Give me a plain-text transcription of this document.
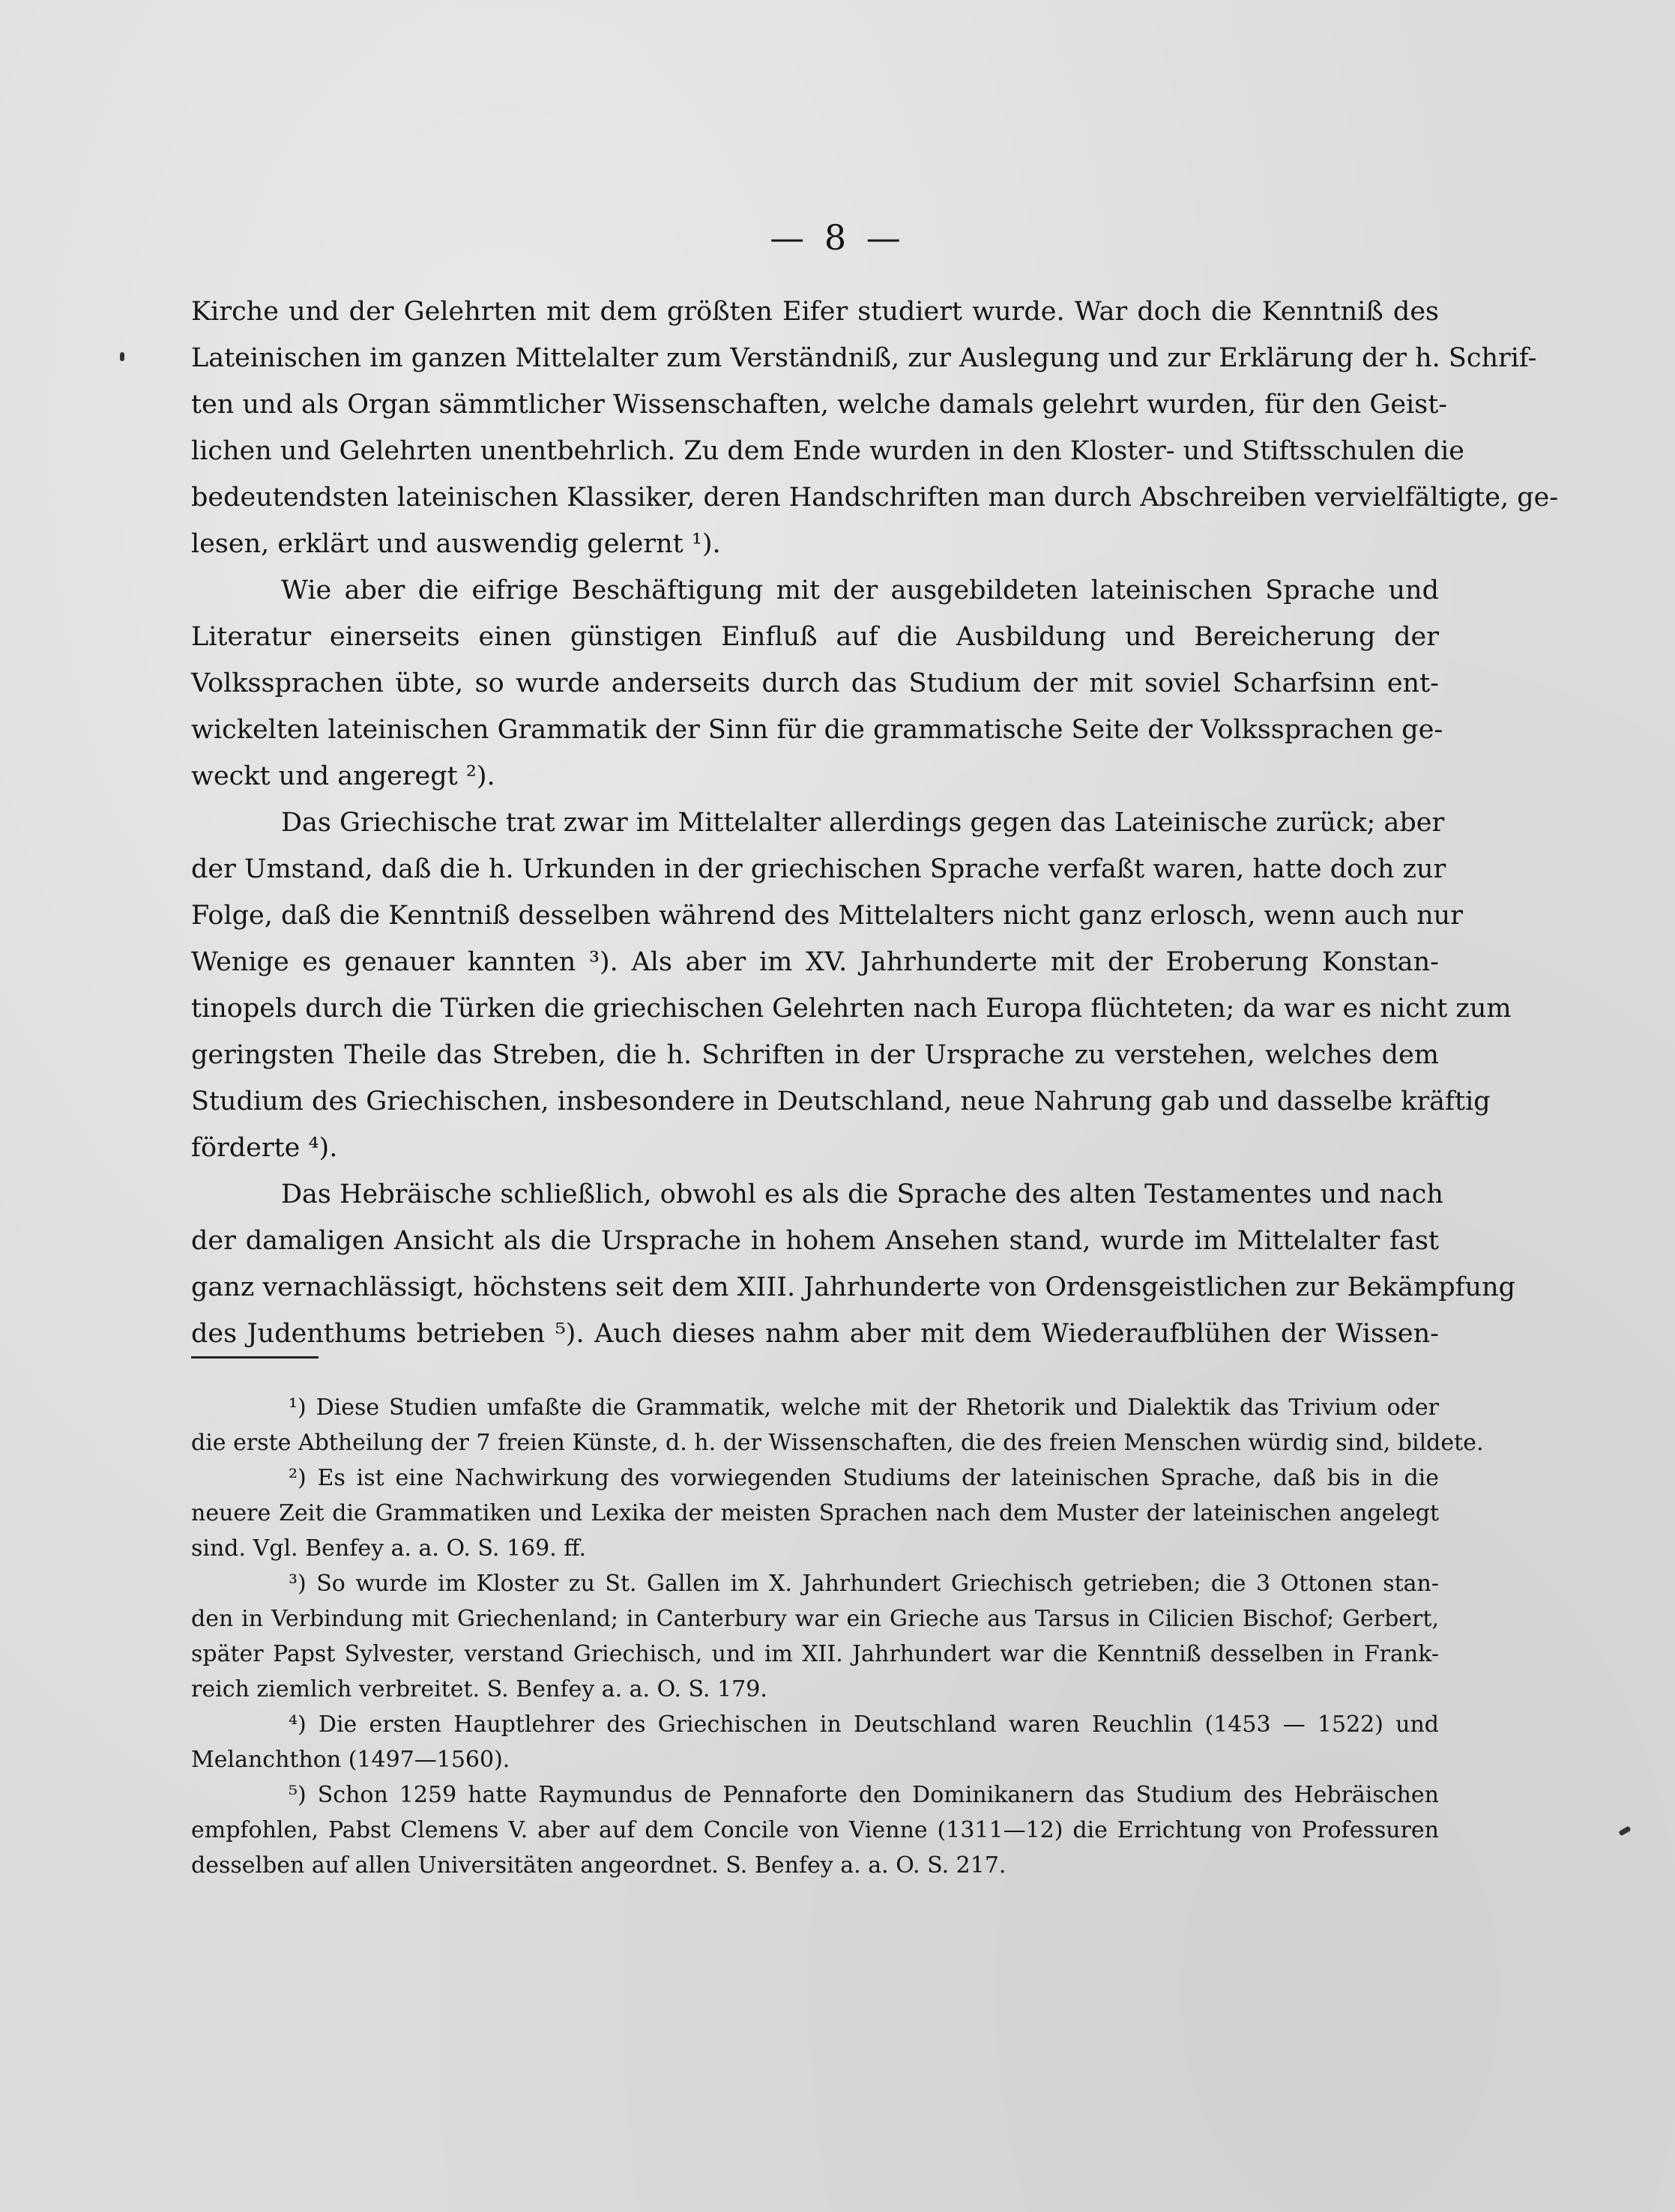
— 8 —
Kirche und der Gelehrten mit dem größten Eifer studiert wurde. War doch die Kenntniß des
Lateinischen im ganzen Mittelalter zum Verständniß, zur Auslegung und zur Erklärung der h. Schrif-
ten und als Organ sämmtlicher Wissenschaften, welche damals gelehrt wurden, für den Geist-
lichen und Gelehrten unentbehrlich. Zu dem Ende wurden in den Kloster- und Stiftsschulen die
bedeutendsten lateinischen Klassiker, deren Handschriften man durch Abschreiben vervielfältigte, ge-
lesen, erklärt und auswendig gelernt ¹).
Wie aber die eifrige Beschäftigung mit der ausgebildeten lateinischen Sprache und
Literatur einerseits einen günstigen Einfluß auf die Ausbildung und Bereicherung der
Volkssprachen übte, so wurde anderseits durch das Studium der mit soviel Scharfsinn ent-
wickelten lateinischen Grammatik der Sinn für die grammatische Seite der Volkssprachen ge-
weckt und angeregt ²).
Das Griechische trat zwar im Mittelalter allerdings gegen das Lateinische zurück; aber
der Umstand, daß die h. Urkunden in der griechischen Sprache verfaßt waren, hatte doch zur
Folge, daß die Kenntniß desselben während des Mittelalters nicht ganz erlosch, wenn auch nur
Wenige es genauer kannten ³). Als aber im XV. Jahrhunderte mit der Eroberung Konstan-
tinopels durch die Türken die griechischen Gelehrten nach Europa flüchteten; da war es nicht zum
geringsten Theile das Streben, die h. Schriften in der Ursprache zu verstehen, welches dem
Studium des Griechischen, insbesondere in Deutschland, neue Nahrung gab und dasselbe kräftig
förderte ⁴).
Das Hebräische schließlich, obwohl es als die Sprache des alten Testamentes und nach
der damaligen Ansicht als die Ursprache in hohem Ansehen stand, wurde im Mittelalter fast
ganz vernachlässigt, höchstens seit dem XIII. Jahrhunderte von Ordensgeistlichen zur Bekämpfung
des Judenthums betrieben ⁵). Auch dieses nahm aber mit dem Wiederaufblühen der Wissen-
¹) Diese Studien umfaßte die Grammatik, welche mit der Rhetorik und Dialektik das Trivium oder
die erste Abtheilung der 7 freien Künste, d. h. der Wissenschaften, die des freien Menschen würdig sind, bildete.
²) Es ist eine Nachwirkung des vorwiegenden Studiums der lateinischen Sprache, daß bis in die
neuere Zeit die Grammatiken und Lexika der meisten Sprachen nach dem Muster der lateinischen angelegt
sind. Vgl. Benfey a. a. O. S. 169. ff.
³) So wurde im Kloster zu St. Gallen im X. Jahrhundert Griechisch getrieben; die 3 Ottonen stan-
den in Verbindung mit Griechenland; in Canterbury war ein Grieche aus Tarsus in Cilicien Bischof; Gerbert,
später Papst Sylvester, verstand Griechisch, und im XII. Jahrhundert war die Kenntniß desselben in Frank-
reich ziemlich verbreitet. S. Benfey a. a. O. S. 179.
⁴) Die ersten Hauptlehrer des Griechischen in Deutschland waren Reuchlin (1453 — 1522) und
Melanchthon (1497—1560).
⁵) Schon 1259 hatte Raymundus de Pennaforte den Dominikanern das Studium des Hebräischen
empfohlen, Pabst Clemens V. aber auf dem Concile von Vienne (1311—12) die Errichtung von Professuren
desselben auf allen Universitäten angeordnet. S. Benfey a. a. O. S. 217.
